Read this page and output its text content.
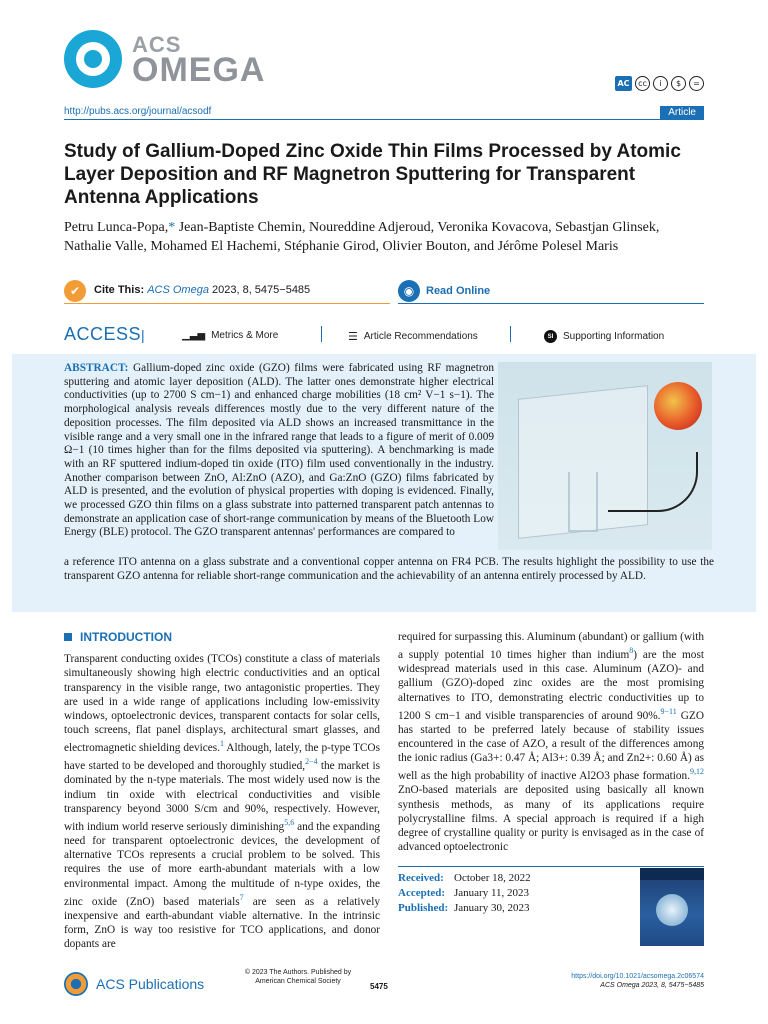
ACS
OMEGA	AC	cc	i	$	=
http://pubs.acs.org/journal/acsodf	Article
Study of Gallium-Doped Zinc Oxide Thin Films Processed by Atomic Layer Deposition and RF Magnetron Sputtering for Transparent Antenna Applications
Petru Lunca-Popa,* Jean-Baptiste Chemin, Noureddine Adjeroud, Veronika Kovacova, Sebastjan Glinsek, Nathalie Valle, Mohamed El Hachemi, Stéphanie Girod, Olivier Bouton, and Jérôme Polesel Maris
✔	Cite This: ACS Omega 2023, 8, 5475−5485	◉	Read Online
ACCESS|	▁▃▅ Metrics & More	☰ Article Recommendations	SI Supporting Information

ABSTRACT: Gallium-doped zinc oxide (GZO) films were fabricated using RF magnetron sputtering and atomic layer deposition (ALD). The latter ones demonstrate higher electrical conductivities (up to 2700 S cm−1) and enhanced charge mobilities (18 cm² V−1 s−1). The morphological analysis reveals differences mostly due to the very different nature of the deposition processes. The film deposited via ALD shows an increased transmittance in the visible range and a very small one in the infrared range that leads to a figure of merit of 0.009 Ω−1 (10 times higher than for the films deposited via sputtering). A benchmarking is made with an RF sputtered indium-doped tin oxide (ITO) film used conventionally in the industry. Another comparison between ZnO, Al:ZnO (AZO), and Ga:ZnO (GZO) films fabricated by ALD is presented, and the evolution of physical properties with doping is evidenced. Finally, we processed GZO thin films on a glass substrate into patterned transparent patch antennas to demonstrate an application case of short-range communication by means of the Bluetooth Low Energy (BLE) protocol. The GZO transparent antennas' performances are compared to

a reference ITO antenna on a glass substrate and a conventional copper antenna on FR4 PCB. The results highlight the possibility to use the transparent GZO antenna for reliable short-range communication and the achievability of an antenna entirely processed by ALD.

INTRODUCTION

Transparent conducting oxides (TCOs) constitute a class of materials simultaneously showing high electric conductivities and an optical transparency in the visible range, two antagonistic properties. They are used in a wide range of applications including low-emissivity windows, optoelectronic devices, transparent contacts for solar cells, touch screens, flat panel displays, architectural smart glasses, and electromagnetic shielding devices.$^1$ Although, lately, the p-type TCOs have started to be developed and thoroughly studied,$^{2-4}$ the market is dominated by the n-type materials. The most widely used now is the indium tin oxide with electrical conductivities and visible transparency beyond 3000 S/cm and 90%, respectively. However, with indium world reserve seriously diminishing$^{5,6}$ and the expanding need for transparent optoelectronic devices, the development of alternative TCOs represents a crucial problem to be solved. This requires the use of more earth-abundant materials with a low environmental impact. Among the multitude of n-type oxides, the zinc oxide (ZnO) based materials$^7$ are seen as a relatively inexpensive and earth-abundant viable alternative. In the intrinsic form, ZnO is way too resistive for TCO applications, and donor dopants are

required for surpassing this. Aluminum (abundant) or gallium (with a supply potential 10 times higher than indium$^8$) are the most widespread materials used in this case. Aluminum (AZO)- and gallium (GZO)-doped zinc oxides are the most promising alternatives to ITO, demonstrating electric conductivities up to 1200 S cm−1 and visible transparencies of around 90%.$^{9-11}$ GZO has started to be preferred lately because of stability issues encountered in the case of AZO, a result of the differences among the ionic radius (Ga3+: 0.47 Å; Al3+: 0.39 Å; and Zn2+: 0.60 Å) as well as the high probability of inactive Al2O3 phase formation.$^{9,12}$ ZnO-based materials are deposited using basically all known synthesis methods, as many of its applications require polycrystalline films. A special approach is required if a high degree of crystalline quality or purity is envisaged as in the case of advanced optoelectronic

Received: October 18, 2022
Accepted: January 11, 2023
Published: January 30, 2023
ACS Publications
© 2023 The Authors. Published by American Chemical Society
5475
https://doi.org/10.1021/acsomega.2c06574
ACS Omega 2023, 8, 5475−5485
